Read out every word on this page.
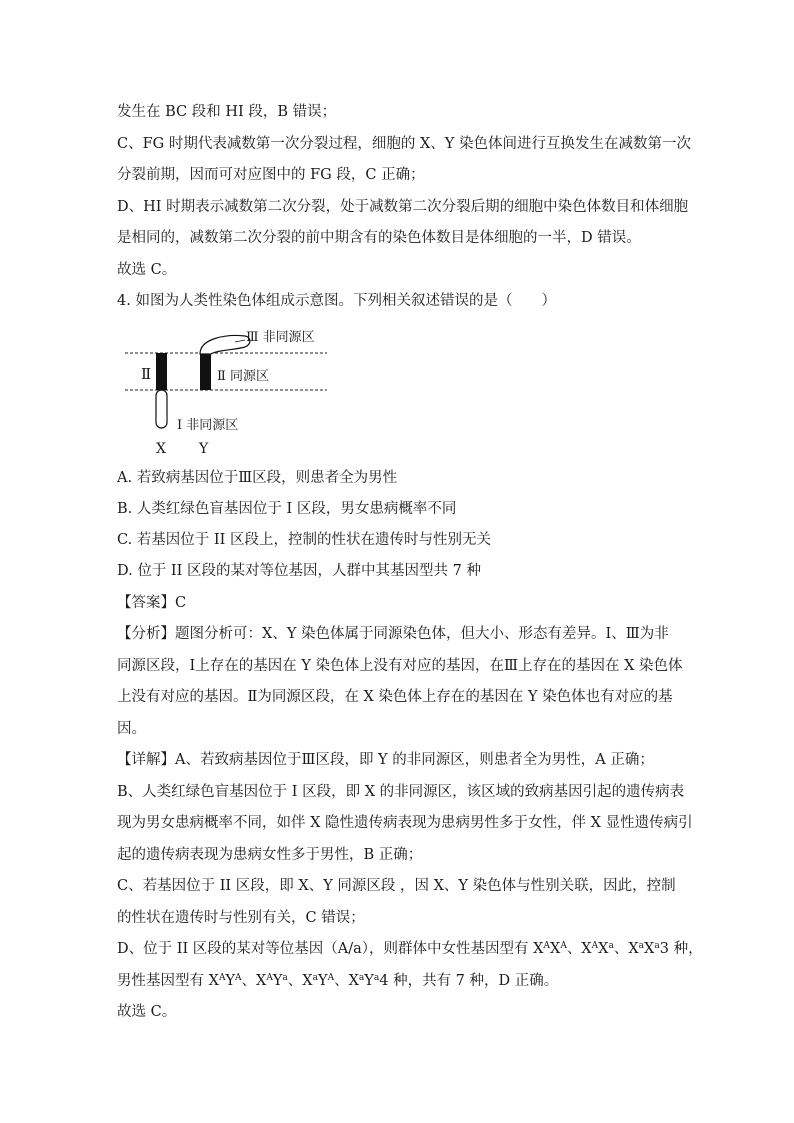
发生在 BC 段和 HI 段，B 错误；
C、FG 时期代表减数第一次分裂过程，细胞的 X、Y 染色体间进行互换发生在减数第一次
分裂前期，因而可对应图中的 FG 段，C 正确；
D、HI 时期表示减数第二次分裂，处于减数第二次分裂后期的细胞中染色体数目和体细胞
是相同的，减数第二次分裂的前中期含有的染色体数目是体细胞的一半，D 错误。
故选 C。
4. 如图为人类性染色体组成示意图。下列相关叙述错误的是（　　）
Ⅲ 非同源区
Ⅱ	Ⅱ 同源区
Ⅰ 非同源区
X Y
A. 若致病基因位于Ⅲ区段，则患者全为男性
B. 人类红绿色盲基因位于 I 区段，男女患病概率不同
C. 若基因位于 II 区段上，控制的性状在遗传时与性别无关
D. 位于 II 区段的某对等位基因，人群中其基因型共 7 种
【答案】C
【分析】题图分析可：X、Y 染色体属于同源染色体，但大小、形态有差异。Ⅰ、Ⅲ为非
同源区段，Ⅰ上存在的基因在 Y 染色体上没有对应的基因，在Ⅲ上存在的基因在 X 染色体
上没有对应的基因。Ⅱ为同源区段，在 X 染色体上存在的基因在 Y 染色体也有对应的基
因。
【详解】A、若致病基因位于Ⅲ区段，即 Y 的非同源区，则患者全为男性，A 正确；
B、人类红绿色盲基因位于 I 区段，即 X 的非同源区，该区域的致病基因引起的遗传病表
现为男女患病概率不同，如伴 X 隐性遗传病表现为患病男性多于女性，伴 X 显性遗传病引
起的遗传病表现为患病女性多于男性，B 正确；
C、若基因位于 II 区段，即 X、Y 同源区段 ，因 X、Y 染色体与性别关联，因此，控制
的性状在遗传时与性别有关，C 错误；
D、位于 II 区段的某对等位基因（A/a），则群体中女性基因型有 $X^AX^A$、$X^AX^a$、$X^aX^a3$ 种，
男性基因型有 $X^AY^A$、$X^AY^a$、$X^aY^A$、$X^aY^a4$ 种，共有 7 种，D 正确。
故选 C。
